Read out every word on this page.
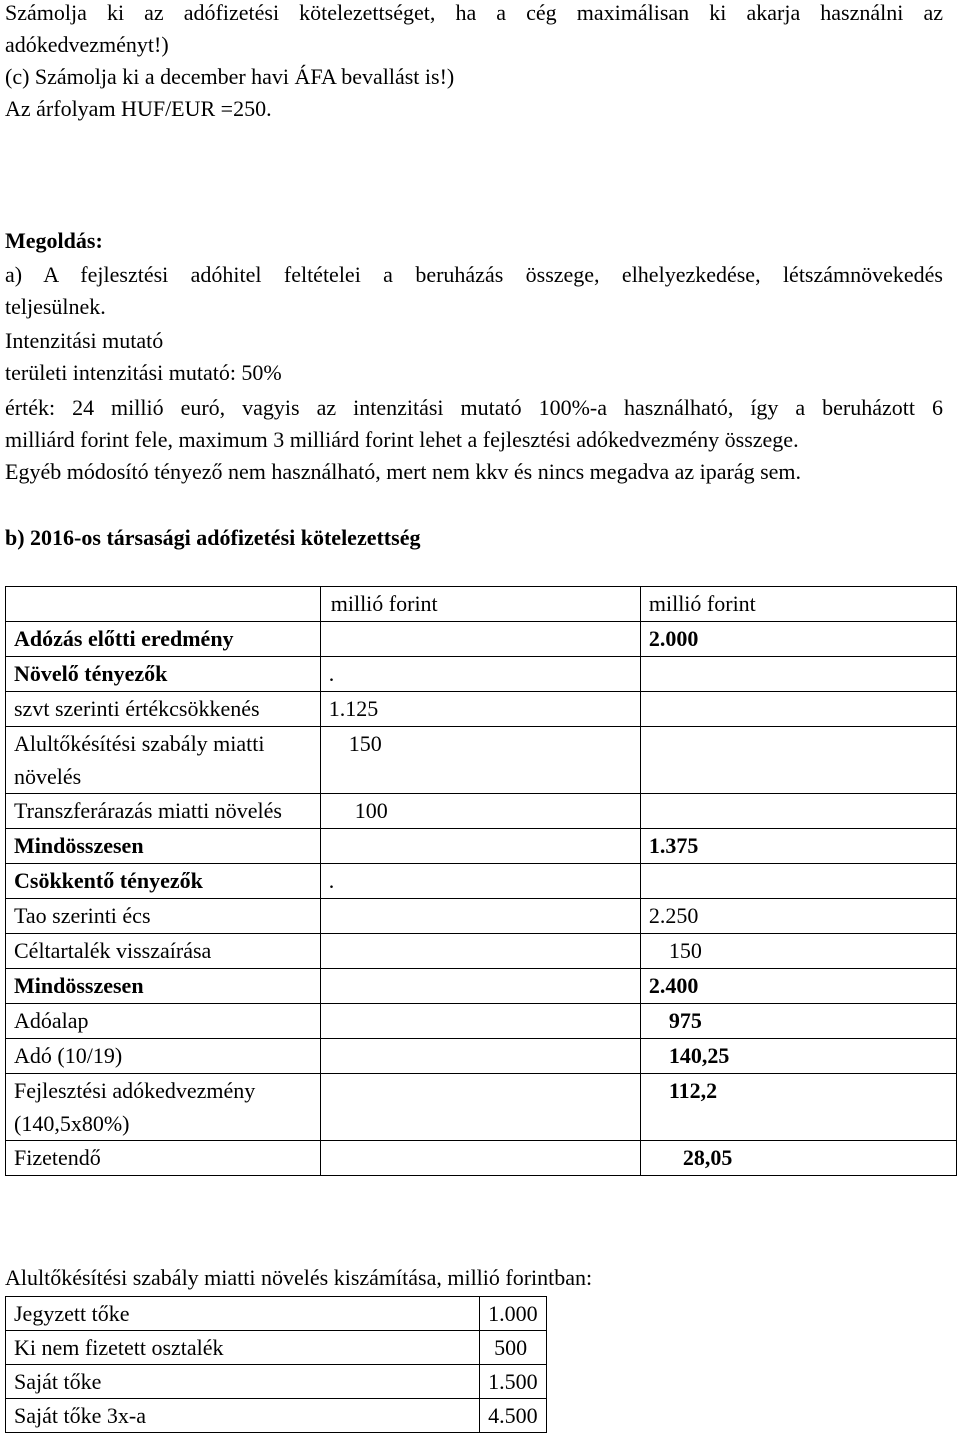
Számolja ki az adófizetési kötelezettséget, ha a cég maximálisan ki akarja használni az
adókedvezményt!)
(c) Számolja ki a december havi ÁFA bevallást is!)
Az árfolyam HUF/EUR =250.
Megoldás:
a) A fejlesztési adóhitel feltételei a beruházás összege, elhelyezkedése, létszámnövekedés
teljesülnek.
Intenzitási mutató
területi intenzitási mutató: 50%
érték: 24 millió euró, vagyis az intenzitási mutató 100%-a használható, így a beruházott 6
milliárd forint fele, maximum 3 milliárd forint lehet a fejlesztési adókedvezmény összege.
Egyéb módosító tényező nem használható, mert nem kkv és nincs megadva az iparág sem.
b) 2016-os társasági adófizetési kötelezettség
	millió forint	millió forint
Adózás előtti eredmény		2.000
Növelő tényezők	.	
szvt szerinti értékcsökkenés	1.125	
Alultőkésítési szabály miatti növelés	150	
Transzferárazás miatti növelés	100	
Mindösszesen		1.375
Csökkentő tényezők	.	
Tao szerinti écs		2.250
Céltartalék visszaírása		150
Mindösszesen		2.400
Adóalap		975
Adó (10/19)		140,25
Fejlesztési adókedvezmény (140,5x80%)		112,2
Fizetendő		28,05
Alultőkésítési szabály miatti növelés kiszámítása, millió forintban:
Jegyzett tőke	1.000
Ki nem fizetett osztalék	500
Saját tőke	1.500
Saját tőke 3x-a	4.500
